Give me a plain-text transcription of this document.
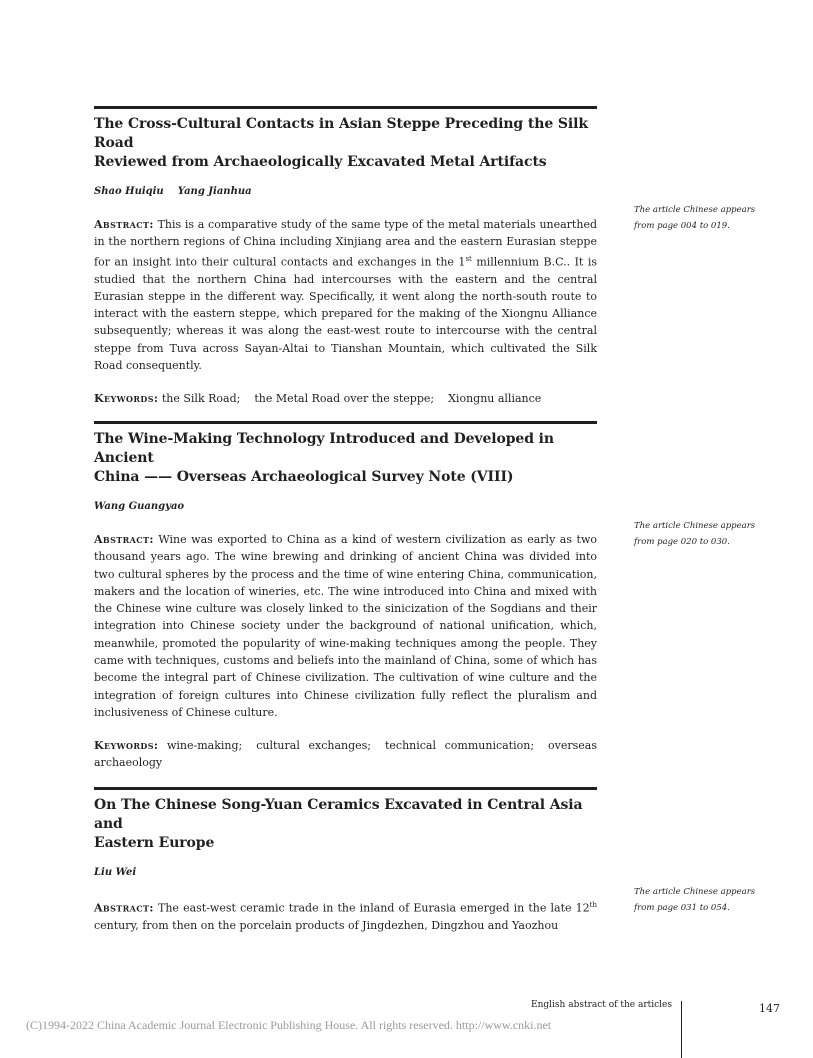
The Cross-Cultural Contacts in Asian Steppe Preceding the Silk Road
Reviewed from Archaeologically Excavated Metal Artifacts
Shao Huiqiu Yang Jianhua
Abstract: This is a comparative study of the same type of the metal materials unearthed in the northern regions of China including Xinjiang area and the eastern Eurasian steppe for an insight into their cultural contacts and exchanges in the 1st millennium B.C.. It is studied that the northern China had intercourses with the eastern and the central Eurasian steppe in the different way. Specifically, it went along the north-south route to interact with the eastern steppe, which prepared for the making of the Xiongnu Alliance subsequently; whereas it was along the east-west route to intercourse with the central steppe from Tuva across Sayan-Altai to Tianshan Mountain, which cultivated the Silk Road consequently.
Keywords: the Silk Road; the Metal Road over the steppe; Xiongnu alliance
The article Chinese appears
from page 004 to 019.
The Wine-Making Technology Introduced and Developed in Ancient
China —— Overseas Archaeological Survey Note (VIII)
Wang Guangyao
Abstract: Wine was exported to China as a kind of western civilization as early as two thousand years ago. The wine brewing and drinking of ancient China was divided into two cultural spheres by the process and the time of wine entering China, communication, makers and the location of wineries, etc. The wine introduced into China and mixed with the Chinese wine culture was closely linked to the sinicization of the Sogdians and their integration into Chinese society under the background of national unification, which, meanwhile, promoted the popularity of wine-making techniques among the people. They came with techniques, customs and beliefs into the mainland of China, some of which has become the integral part of Chinese civilization. The cultivation of wine culture and the integration of foreign cultures into Chinese civilization fully reflect the pluralism and inclusiveness of Chinese culture.
Keywords: wine-making; cultural exchanges; technical communication; overseas archaeology
The article Chinese appears
from page 020 to 030.
On The Chinese Song-Yuan Ceramics Excavated in Central Asia and
Eastern Europe
Liu Wei
Abstract: The east-west ceramic trade in the inland of Eurasia emerged in the late 12th century, from then on the porcelain products of Jingdezhen, Dingzhou and Yaozhou
The article Chinese appears
from page 031 to 054.
English abstract of the articles	147
(C)1994-2022 China Academic Journal Electronic Publishing House. All rights reserved. http://www.cnki.net
